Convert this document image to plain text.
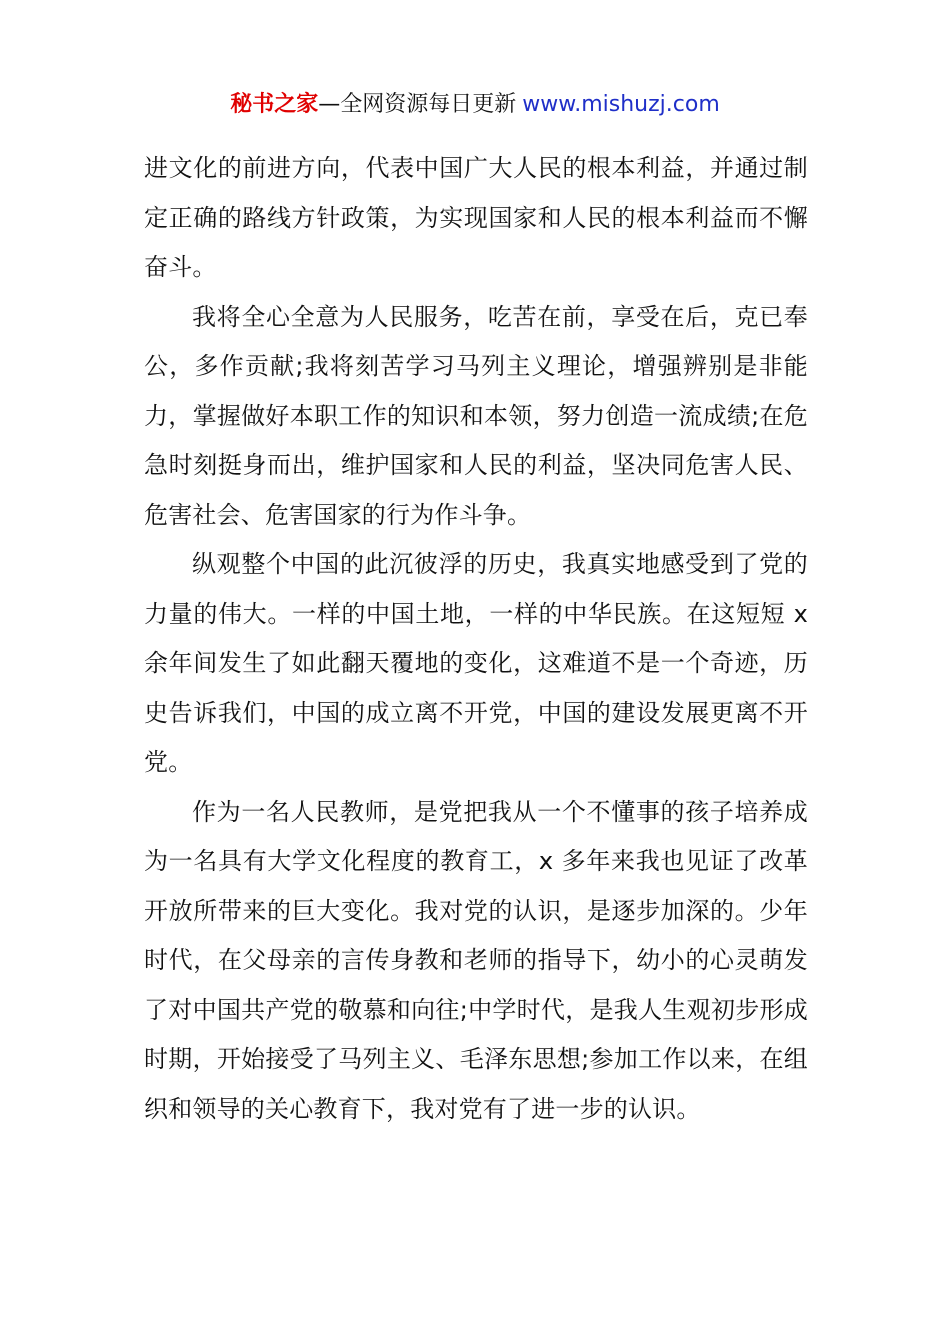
秘书之家—全网资源每日更新 www.mishuzj.com

进文化的前进方向，代表中国广大人民的根本利益，并通过制定正确的路线方针政策，为实现国家和人民的根本利益而不懈奋斗。

我将全心全意为人民服务，吃苦在前，享受在后，克已奉公，多作贡献;我将刻苦学习马列主义理论，增强辨别是非能力，掌握做好本职工作的知识和本领，努力创造一流成绩;在危急时刻挺身而出，维护国家和人民的利益，坚决同危害人民、危害社会、危害国家的行为作斗争。

纵观整个中国的此沉彼浮的历史，我真实地感受到了党的力量的伟大。一样的中国土地，一样的中华民族。在这短短 x 余年间发生了如此翻天覆地的变化，这难道不是一个奇迹，历史告诉我们，中国的成立离不开党，中国的建设发展更离不开党。

作为一名人民教师，是党把我从一个不懂事的孩子培养成为一名具有大学文化程度的教育工，x 多年来我也见证了改革开放所带来的巨大变化。我对党的认识，是逐步加深的。少年时代，在父母亲的言传身教和老师的指导下，幼小的心灵萌发了对中国共产党的敬慕和向往;中学时代，是我人生观初步形成时期，开始接受了马列主义、毛泽东思想;参加工作以来，在组织和领导的关心教育下，我对党有了进一步的认识。
